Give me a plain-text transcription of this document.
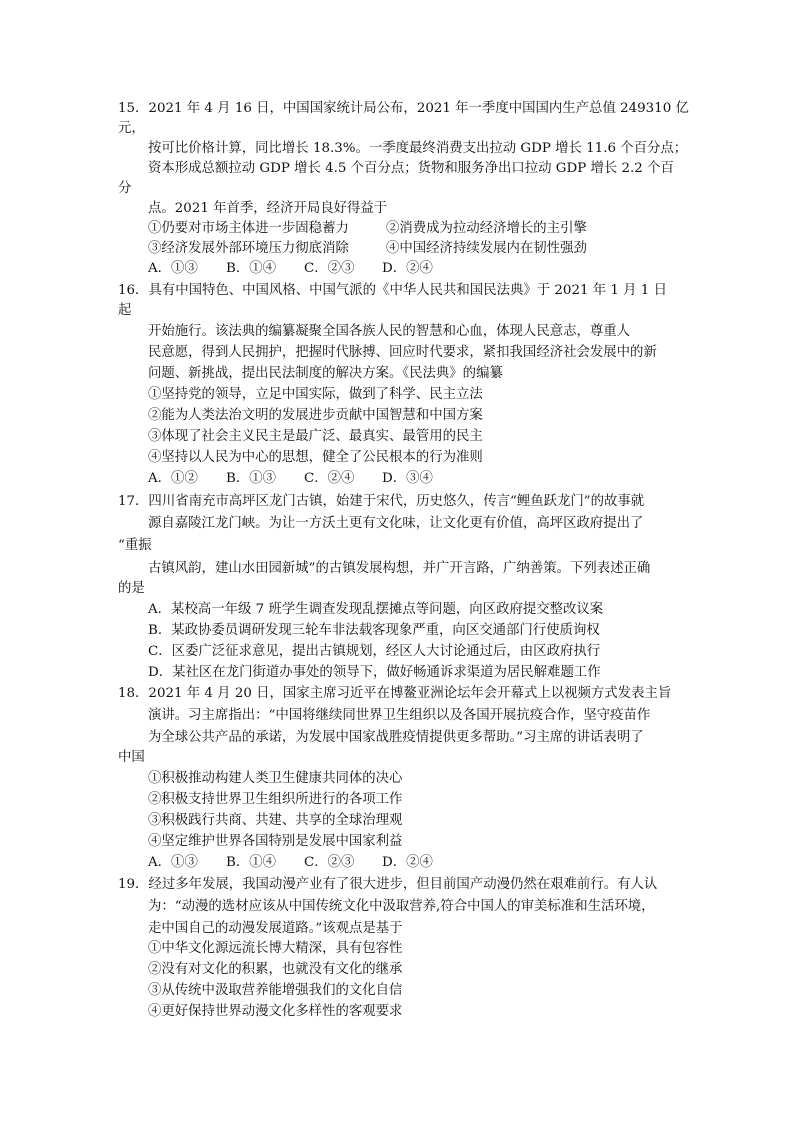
15．2021 年 4 月 16 日，中国国家统计局公布，2021 年一季度中国国内生产总值 249310 亿
元，
按可比价格计算，同比增长 18.3%。一季度最终消费支出拉动 GDP 增长 11.6 个百分点；
资本形成总额拉动 GDP 增长 4.5 个百分点；货物和服务净出口拉动 GDP 增长 2.2 个百
分
点。2021 年首季，经济开局良好得益于
①仍要对市场主体进一步固稳蓄力	②消费成为拉动经济增长的主引擎
③经济发展外部环境压力彻底消除	④中国经济持续发展内在韧性强劲
A．①③ B．①④ C．②③ D．②④
16．具有中国特色、中国风格、中国气派的《中华人民共和国民法典》于 2021 年 1 月 1 日
起
开始施行。该法典的编纂凝聚全国各族人民的智慧和心血，体现人民意志，尊重人
民意愿，得到人民拥护，把握时代脉搏、回应时代要求，紧扣我国经济社会发展中的新
问题、新挑战，提出民法制度的解决方案。《民法典》的编纂
①坚持党的领导，立足中国实际，做到了科学、民主立法
②能为人类法治文明的发展进步贡献中国智慧和中国方案
③体现了社会主义民主是最广泛、最真实、最管用的民主
④坚持以人民为中心的思想，健全了公民根本的行为准则
A．①② B．①③ C．②④ D．③④
17．四川省南充市高坪区龙门古镇，始建于宋代，历史悠久，传言“鲤鱼跃龙门”的故事就
源自嘉陵江龙门峡。为让一方沃土更有文化味，让文化更有价值，高坪区政府提出了
“重振
古镇风韵，建山水田园新城”的古镇发展构想，并广开言路，广纳善策。下列表述正确
的是
A．某校高一年级 7 班学生调查发现乱摆摊点等问题，向区政府提交整改议案
B．某政协委员调研发现三轮车非法载客现象严重，向区交通部门行使质询权
C．区委广泛征求意见，提出古镇规划，经区人大讨论通过后，由区政府执行
D．某社区在龙门街道办事处的领导下，做好畅通诉求渠道为居民解难题工作
18．2021 年 4 月 20 日，国家主席习近平在博鳌亚洲论坛年会开幕式上以视频方式发表主旨
演讲。习主席指出：“中国将继续同世界卫生组织以及各国开展抗疫合作，坚守疫苗作
为全球公共产品的承诺，为发展中国家战胜疫情提供更多帮助。”习主席的讲话表明了
中国
①积极推动构建人类卫生健康共同体的决心
②积极支持世界卫生组织所进行的各项工作
③积极践行共商、共建、共享的全球治理观
④坚定维护世界各国特别是发展中国家利益
A．①③ B．①④ C．②③ D．②④
19．经过多年发展，我国动漫产业有了很大进步，但目前国产动漫仍然在艰难前行。有人认
为：“动漫的选材应该从中国传统文化中汲取营养,符合中国人的审美标准和生活环境，
走中国自己的动漫发展道路。”该观点是基于
①中华文化源远流长博大精深，具有包容性
②没有对文化的积累，也就没有文化的继承
③从传统中汲取营养能增强我们的文化自信
④更好保持世界动漫文化多样性的客观要求
